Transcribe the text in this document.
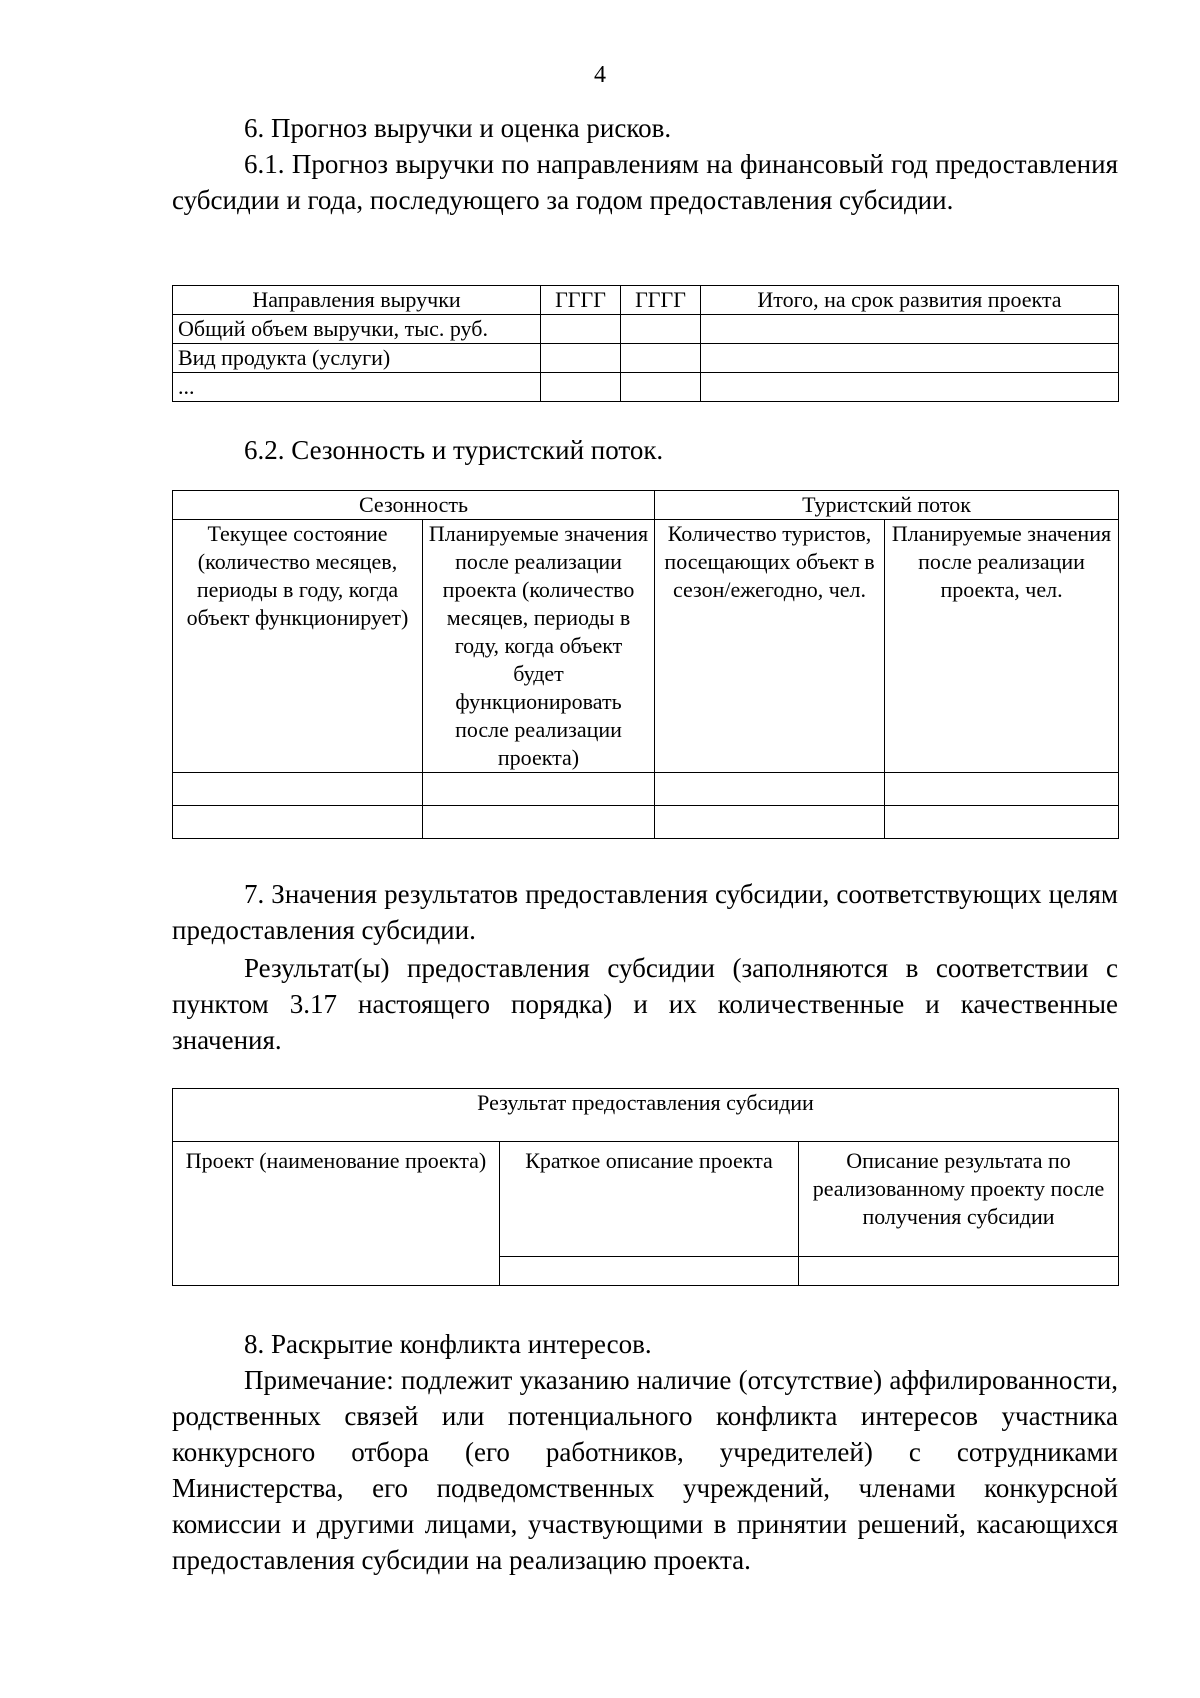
4

6. Прогноз выручки и оценка рисков.

6.1. Прогноз выручки по направлениям на финансовый год предоставления субсидии и года, последующего за годом предоставления субсидии.

Направления выручки	ГГГГ	ГГГГ	Итого, на срок развития проекта
Общий объем выручки, тыс. руб.			
Вид продукта (услуги)			
...			

6.2. Сезонность и туристский поток.

Сезонность		Туристский поток	
Текущее состояние (количество месяцев, периоды в году, когда объект функционирует)	Планируемые значения после реализации проекта (количество месяцев, периоды в году, когда объект будет функционировать после реализации проекта)	Количество туристов, посещающих объект в сезон/ежегодно, чел.	Планируемые значения после реализации проекта, чел.

7. Значения результатов предоставления субсидии, соответствующих целям предоставления субсидии.

Результат(ы) предоставления субсидии (заполняются в соответствии с пунктом 3.17 настоящего порядка) и их количественные и качественные значения.

Результат предоставления субсидии		
Проект (наименование проекта)	Краткое описание проекта	Описание результата по реализованному проекту после получения субсидии

8. Раскрытие конфликта интересов.

Примечание: подлежит указанию наличие (отсутствие) аффилированности, родственных связей или потенциального конфликта интересов участника конкурсного отбора (его работников, учредителей) с сотрудниками Министерства, его подведомственных учреждений, членами конкурсной комиссии и другими лицами, участвующими в принятии решений, касающихся предоставления субсидии на реализацию проекта.
